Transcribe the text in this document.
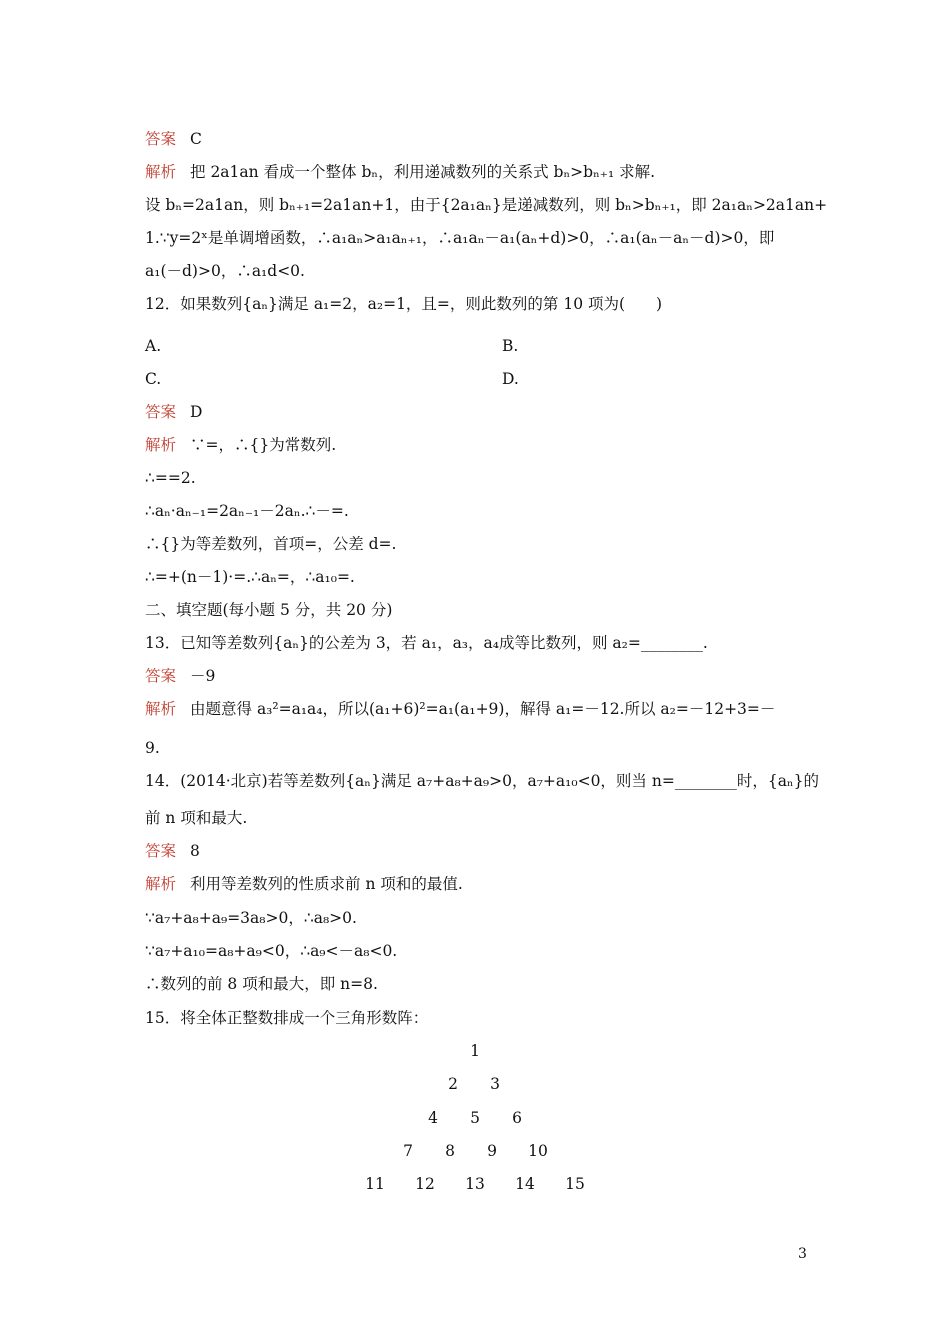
答案 C
解析 把 2a1an 看成一个整体 bₙ，利用递减数列的关系式 bₙ>bₙ₊₁ 求解.
设 bₙ=2a1an，则 bₙ₊₁=2a1an+1，由于{2a₁aₙ}是递减数列，则 bₙ>bₙ₊₁，即 2a₁aₙ>2a1an+
1.∵y=2ˣ是单调增函数，∴a₁aₙ>a₁aₙ₊₁，∴a₁aₙ－a₁(aₙ+d)>0，∴a₁(aₙ－aₙ－d)>0，即
a₁(－d)>0，∴a₁d<0.
12．如果数列{aₙ}满足 a₁=2，a₂=1，且=，则此数列的第 10 项为(　　)
A.	B.
C.	D.
答案 D
解析 ∵=，∴{}为常数列.
∴==2.
∴aₙ·aₙ₋₁=2aₙ₋₁－2aₙ.∴－=.
∴{}为等差数列，首项=，公差 d=.
∴=+(n－1)·=.∴aₙ=，∴a₁₀=.
二、填空题(每小题 5 分，共 20 分)
13．已知等差数列{aₙ}的公差为 3，若 a₁，a₃，a₄成等比数列，则 a₂=________.
答案 －9
解析 由题意得 a₃²=a₁a₄，所以(a₁+6)²=a₁(a₁+9)，解得 a₁=－12.所以 a₂=－12+3=－
9.
14．(2014·北京)若等差数列{aₙ}满足 a₇+a₈+a₉>0，a₇+a₁₀<0，则当 n=________时，{aₙ}的
前 n 项和最大.
答案 8
解析 利用等差数列的性质求前 n 项和的最值.
∵a₇+a₈+a₉=3a₈>0，∴a₈>0.
∵a₇+a₁₀=a₈+a₉<0，∴a₉<－a₈<0.
∴数列的前 8 项和最大，即 n=8.
15．将全体正整数排成一个三角形数阵：
1
2	3
4	5	6
7	8	9	10
11	12	13	14	15
3
